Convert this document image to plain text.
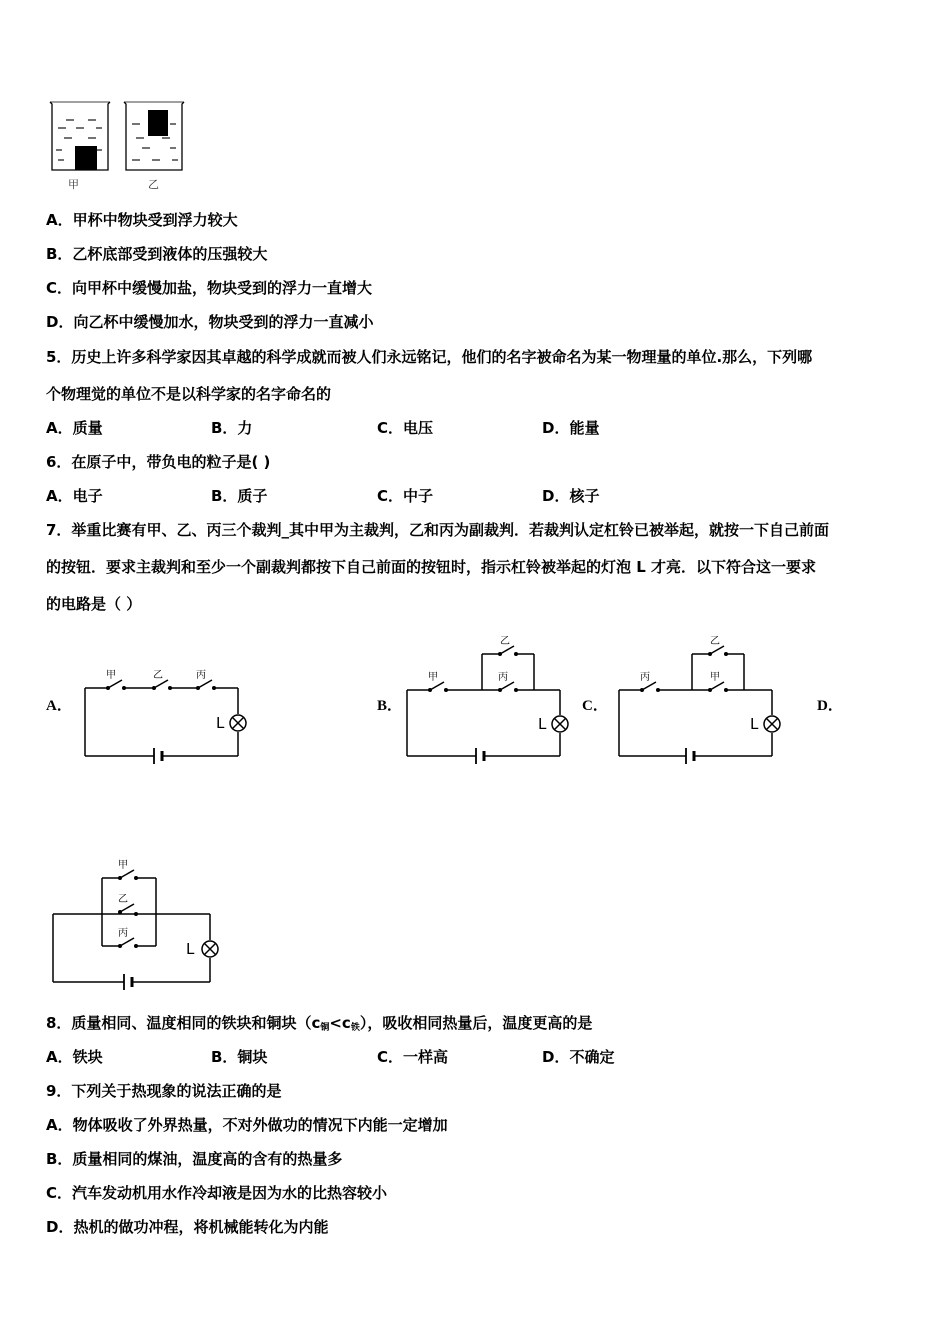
甲	乙
A．甲杯中物块受到浮力较大
B．乙杯底部受到液体的压强较大
C．向甲杯中缓慢加盐，物块受到的浮力一直增大
D．向乙杯中缓慢加水，物块受到的浮力一直减小
5．历史上许多科学家因其卓越的科学成就而被人们永远铭记，他们的名字被命名为某一物理量的单位.那么，下列哪
个物理觉的单位不是以科学家的名字命名的
A．质量	B．力	C．电压	D．能量
6．在原子中，带负电的粒子是( )
A．电子	B．质子	C．中子	D．核子
7．举重比赛有甲、乙、丙三个裁判_其中甲为主裁判，乙和丙为副裁判．若裁判认定杠铃已被举起，就按一下自己前面
的按钮．要求主裁判和至少一个副裁判都按下自己前面的按钮时，指示杠铃被举起的灯泡 L 才亮．以下符合这一要求
的电路是（ ）
A．	B．	C．	D．
甲	乙	丙
L
甲
乙
丙
L
丙
乙
甲
L
甲
乙
丙
L
8．质量相同、温度相同的铁块和铜块$(c_铜<c_铁)$，吸收相同热量后，温度更高的是
A．铁块	B．铜块	C．一样高	D．不确定
9．下列关于热现象的说法正确的是
A．物体吸收了外界热量，不对外做功的情况下内能一定增加
B．质量相同的煤油，温度高的含有的热量多
C．汽车发动机用水作冷却液是因为水的比热容较小
D．热机的做功冲程，将机械能转化为内能
